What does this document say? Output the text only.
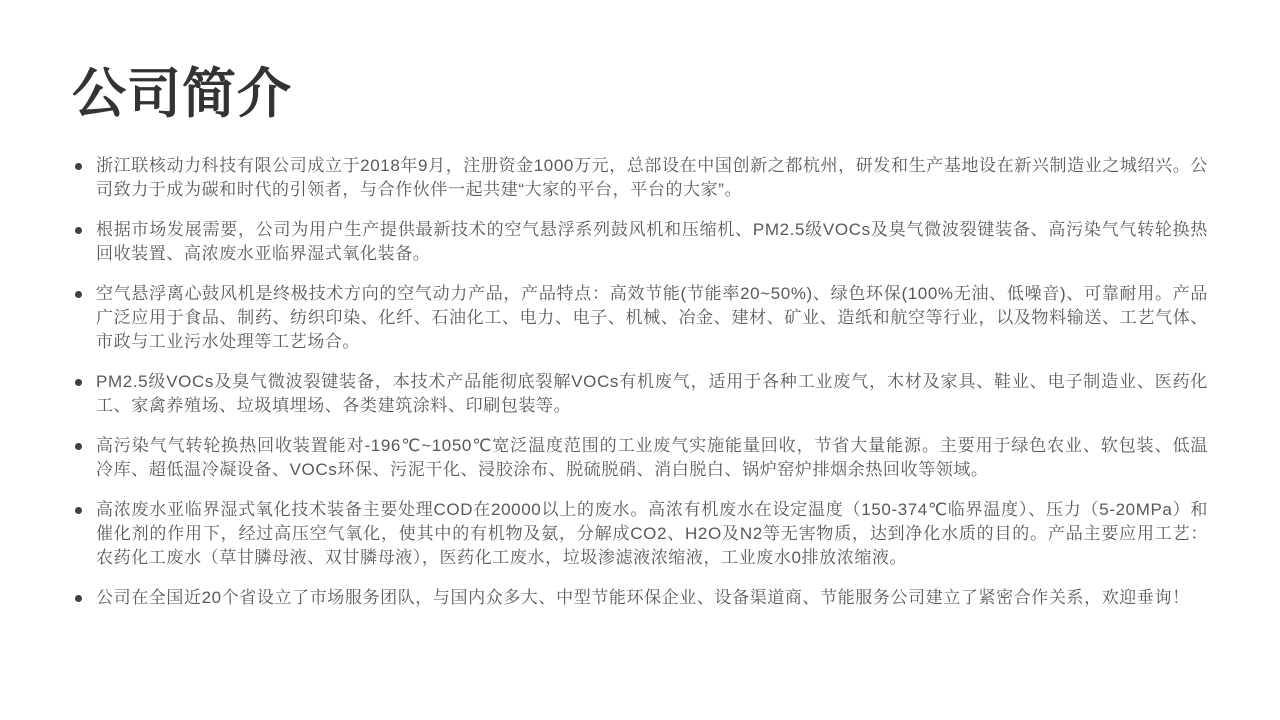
公司简介
浙江联核动力科技有限公司成立于2018年9月，注册资金1000万元，总部设在中国创新之都杭州，研发和生产基地设在新兴制造业之城绍兴。公司致力于成为碳和时代的引领者，与合作伙伴一起共建“大家的平台，平台的大家”。
根据市场发展需要，公司为用户生产提供最新技术的空气悬浮系列鼓风机和压缩机、PM2.5级VOCs及臭气微波裂键装备、高污染气气转轮换热回收装置、高浓废水亚临界湿式氧化装备。
空气悬浮离心鼓风机是终极技术方向的空气动力产品，产品特点：高效节能(节能率20~50%)、绿色环保(100%无油、低噪音)、可靠耐用。产品广泛应用于食品、制药、纺织印染、化纤、石油化工、电力、电子、机械、冶金、建材、矿业、造纸和航空等行业，以及物料输送、工艺气体、市政与工业污水处理等工艺场合。
PM2.5级VOCs及臭气微波裂键装备，本技术产品能彻底裂解VOCs有机废气，适用于各种工业废气，木材及家具、鞋业、电子制造业、医药化工、家禽养殖场、垃圾填埋场、各类建筑涂料、印刷包装等。
高污染气气转轮换热回收装置能对-196℃~1050℃宽泛温度范围的工业废气实施能量回收，节省大量能源。主要用于绿色农业、软包装、低温冷库、超低温冷凝设备、VOCs环保、污泥干化、浸胶涂布、脱硫脱硝、消白脱白、锅炉窑炉排烟余热回收等领域。
高浓废水亚临界湿式氧化技术装备主要处理COD在20000以上的废水。高浓有机废水在设定温度（150-374℃临界温度）、压力（5-20MPa）和催化剂的作用下，经过高压空气氧化，使其中的有机物及氨，分解成CO2、H2O及N2等无害物质，达到净化水质的目的。产品主要应用工艺：农药化工废水（草甘膦母液、双甘膦母液），医药化工废水，垃圾渗滤液浓缩液，工业废水0排放浓缩液。
公司在全国近20个省设立了市场服务团队，与国内众多大、中型节能环保企业、设备渠道商、节能服务公司建立了紧密合作关系，欢迎垂询！
